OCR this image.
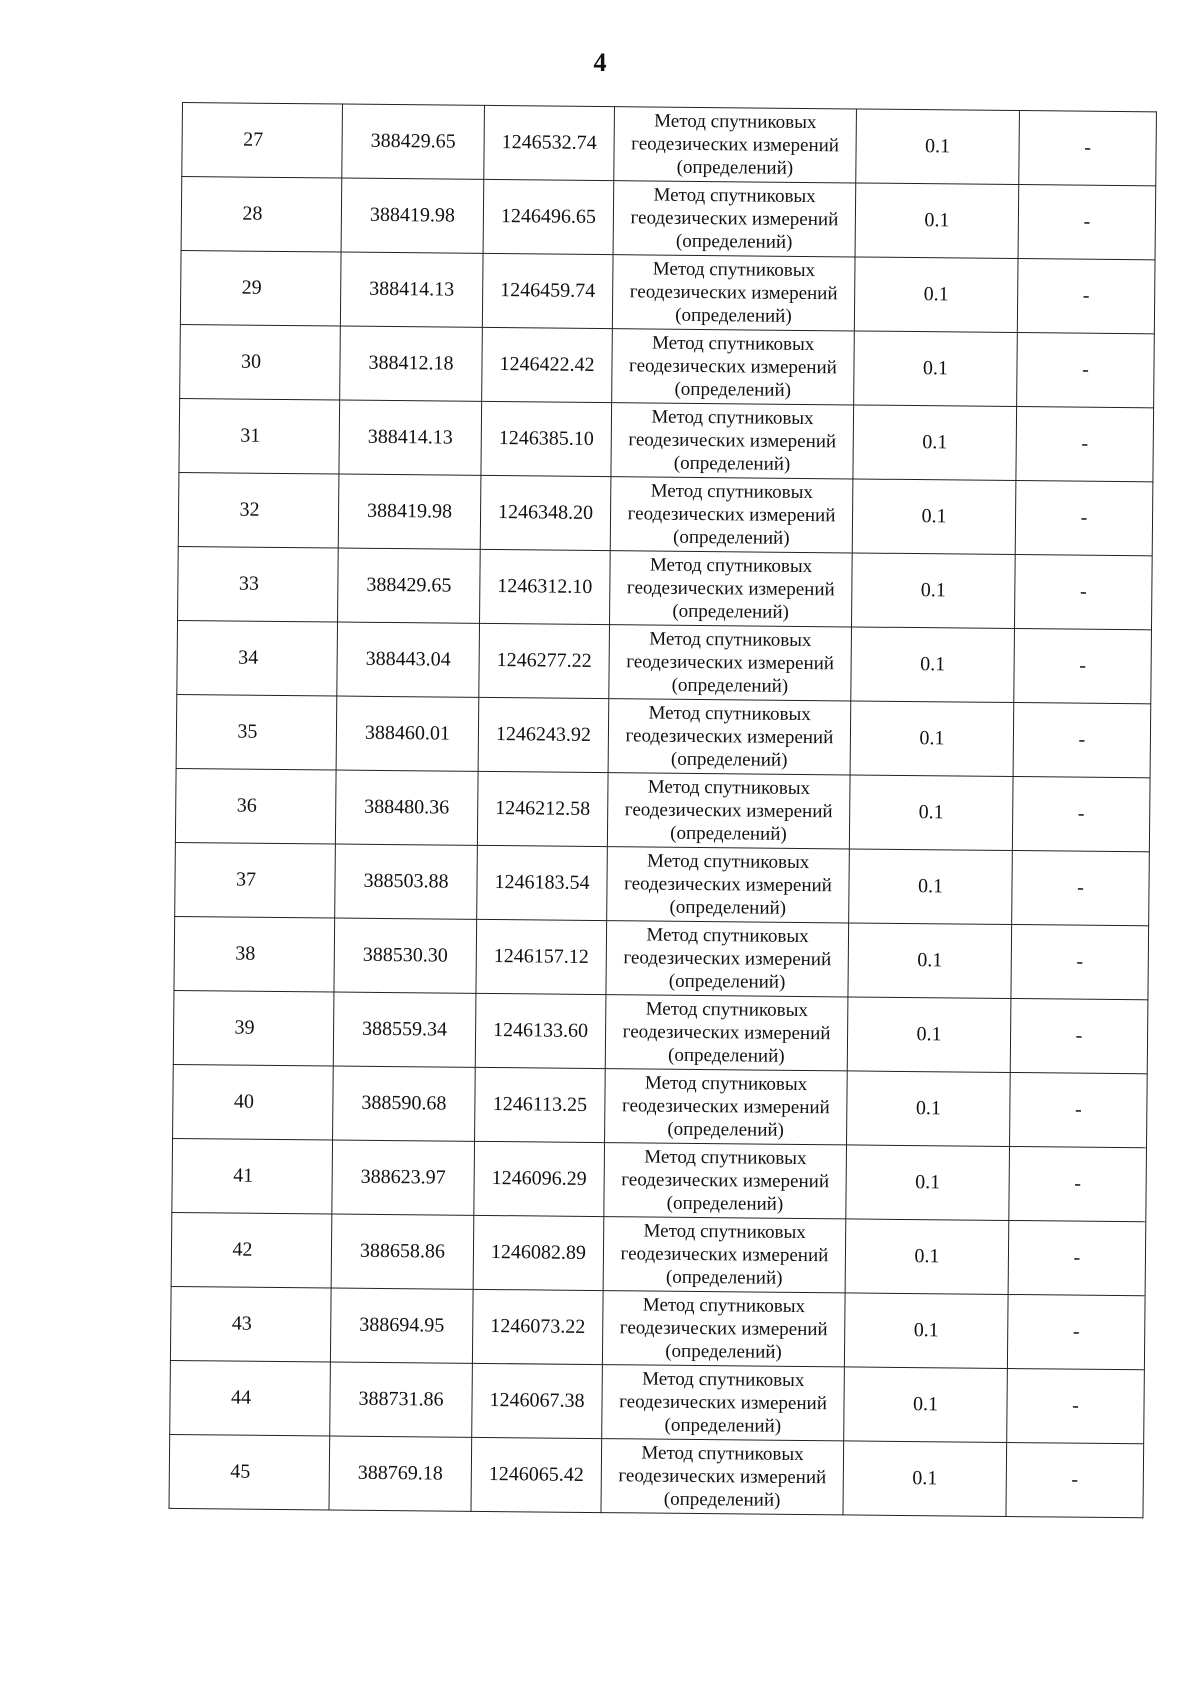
4
27	388429.65	1246532.74	Метод спутниковых
геодезических измерений
(определений)	0.1	-
28	388419.98	1246496.65	Метод спутниковых
геодезических измерений
(определений)	0.1	-
29	388414.13	1246459.74	Метод спутниковых
геодезических измерений
(определений)	0.1	-
30	388412.18	1246422.42	Метод спутниковых
геодезических измерений
(определений)	0.1	-
31	388414.13	1246385.10	Метод спутниковых
геодезических измерений
(определений)	0.1	-
32	388419.98	1246348.20	Метод спутниковых
геодезических измерений
(определений)	0.1	-
33	388429.65	1246312.10	Метод спутниковых
геодезических измерений
(определений)	0.1	-
34	388443.04	1246277.22	Метод спутниковых
геодезических измерений
(определений)	0.1	-
35	388460.01	1246243.92	Метод спутниковых
геодезических измерений
(определений)	0.1	-
36	388480.36	1246212.58	Метод спутниковых
геодезических измерений
(определений)	0.1	-
37	388503.88	1246183.54	Метод спутниковых
геодезических измерений
(определений)	0.1	-
38	388530.30	1246157.12	Метод спутниковых
геодезических измерений
(определений)	0.1	-
39	388559.34	1246133.60	Метод спутниковых
геодезических измерений
(определений)	0.1	-
40	388590.68	1246113.25	Метод спутниковых
геодезических измерений
(определений)	0.1	-
41	388623.97	1246096.29	Метод спутниковых
геодезических измерений
(определений)	0.1	-
42	388658.86	1246082.89	Метод спутниковых
геодезических измерений
(определений)	0.1	-
43	388694.95	1246073.22	Метод спутниковых
геодезических измерений
(определений)	0.1	-
44	388731.86	1246067.38	Метод спутниковых
геодезических измерений
(определений)	0.1	-
45	388769.18	1246065.42	Метод спутниковых
геодезических измерений
(определений)	0.1	-
